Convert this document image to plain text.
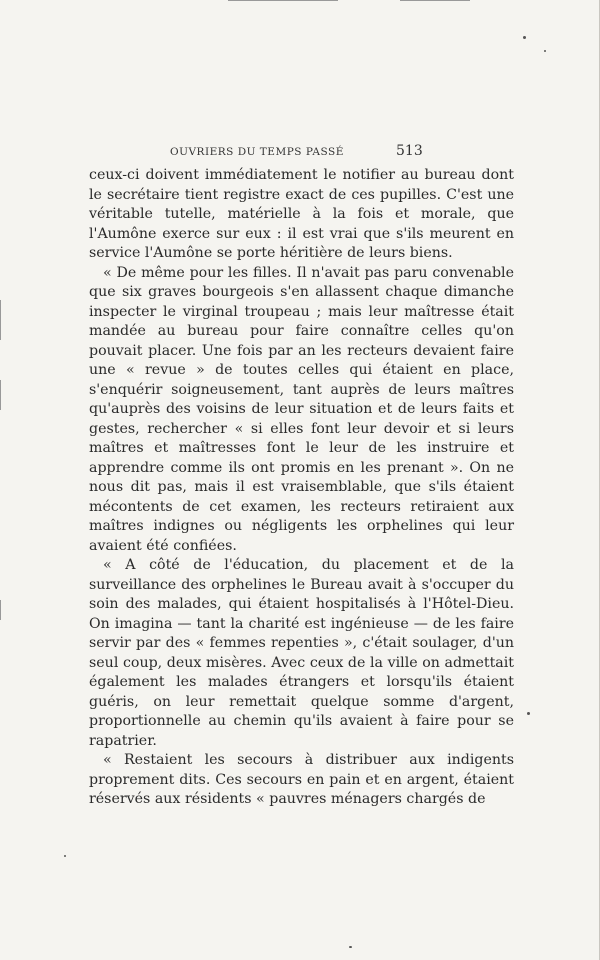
OUVRIERS DU TEMPS PASSÉ	513

ceux-ci doivent immédiatement le notifier au bureau dont le secrétaire tient registre exact de ces pupilles. C'est une véritable tutelle, matérielle à la fois et morale, que l'Aumône exerce sur eux : il est vrai que s'ils meurent en service l'Aumône se porte héritière de leurs biens.

« De même pour les filles. Il n'avait pas paru convenable que six graves bourgeois s'en allassent chaque dimanche inspecter le virginal troupeau ; mais leur maîtresse était mandée au bureau pour faire connaître celles qu'on pouvait placer. Une fois par an les recteurs devaient faire une « revue » de toutes celles qui étaient en place, s'enquérir soigneusement, tant auprès de leurs maîtres qu'auprès des voisins de leur situation et de leurs faits et gestes, rechercher « si elles font leur devoir et si leurs maîtres et maîtresses font le leur de les instruire et apprendre comme ils ont promis en les prenant ». On ne nous dit pas, mais il est vraisemblable, que s'ils étaient mécontents de cet examen, les recteurs retiraient aux maîtres indignes ou négligents les orphelines qui leur avaient été confiées.

« A côté de l'éducation, du placement et de la surveillance des orphelines le Bureau avait à s'occuper du soin des malades, qui étaient hospitalisés à l'Hôtel-Dieu. On imagina — tant la charité est ingénieuse — de les faire servir par des « femmes repenties », c'était soulager, d'un seul coup, deux misères. Avec ceux de la ville on admettait également les malades étrangers et lorsqu'ils étaient guéris, on leur remettait quelque somme d'argent, proportionnelle au chemin qu'ils avaient à faire pour se rapatrier.

« Restaient les secours à distribuer aux indigents proprement dits. Ces secours en pain et en argent, étaient réservés aux résidents « pauvres ménagers chargés de
